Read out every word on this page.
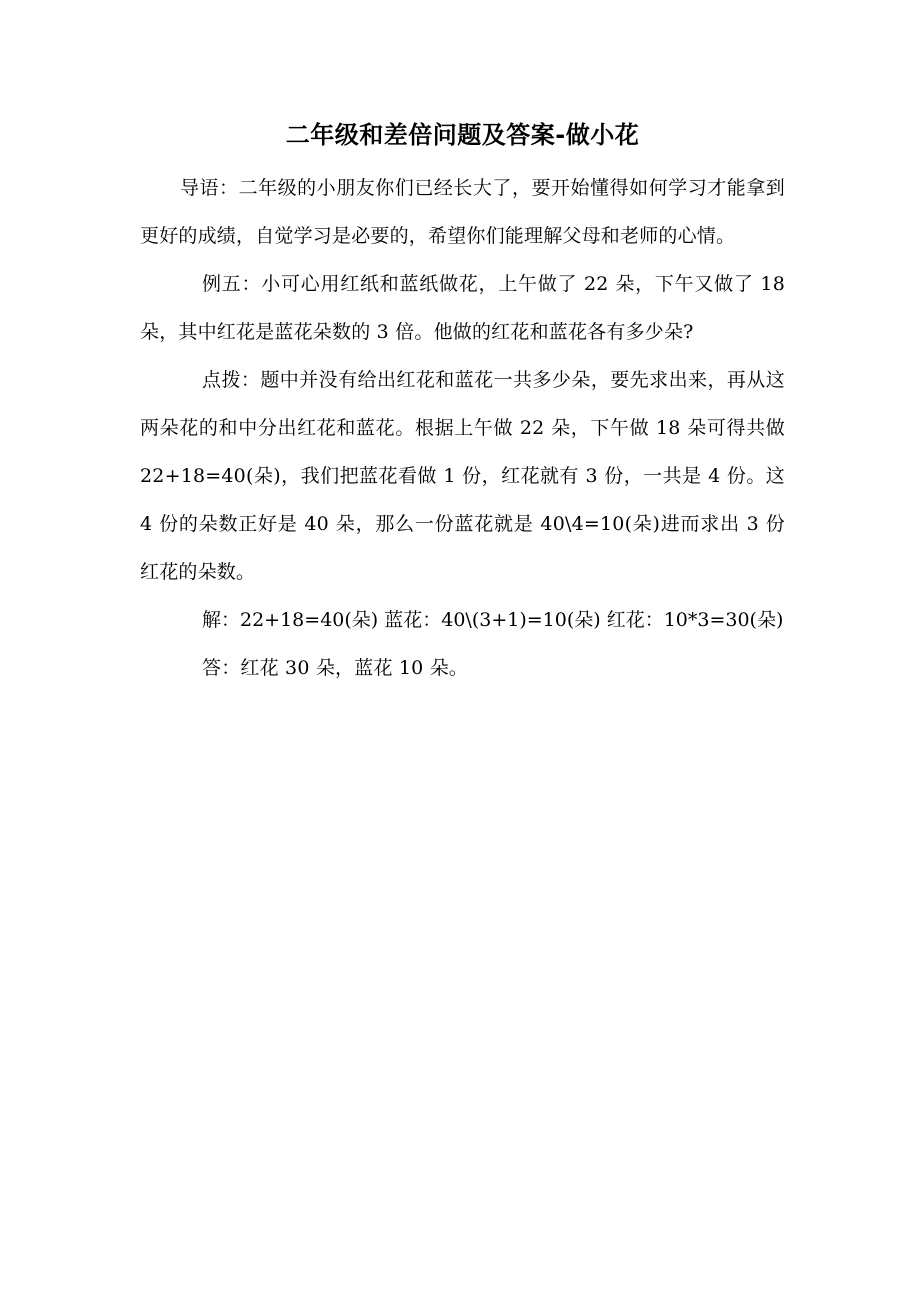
二年级和差倍问题及答案-做小花

导语：二年级的小朋友你们已经长大了，要开始懂得如何学习才能拿到更好的成绩，自觉学习是必要的，希望你们能理解父母和老师的心情。

例五：小可心用红纸和蓝纸做花，上午做了 22 朵，下午又做了 18 朵，其中红花是蓝花朵数的 3 倍。他做的红花和蓝花各有多少朵?

点拨：题中并没有给出红花和蓝花一共多少朵，要先求出来，再从这两朵花的和中分出红花和蓝花。根据上午做 22 朵，下午做 18 朵可得共做 22+18=40(朵)，我们把蓝花看做 1 份，红花就有 3 份，一共是 4 份。这 4 份的朵数正好是 40 朵，那么一份蓝花就是 40\4=10(朵)进而求出 3 份红花的朵数。

解：22+18=40(朵) 蓝花：40\(3+1)=10(朵) 红花：10*3=30(朵)

答：红花 30 朵，蓝花 10 朵。
